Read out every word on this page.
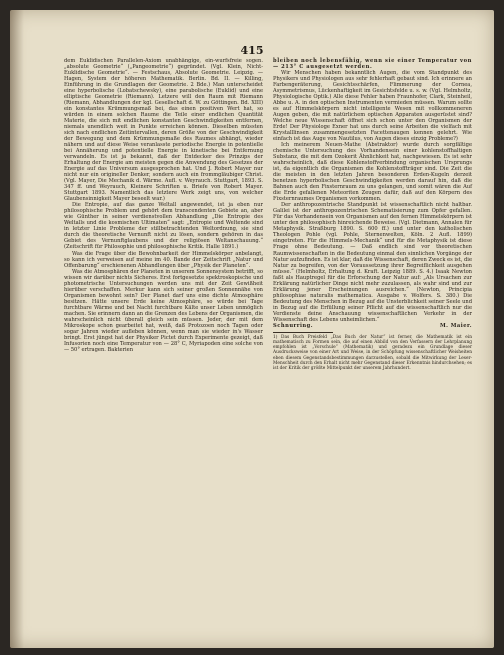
415

dem Euklidischen Parallelen-Axiom unabhängige, ein-wurfsfreie sogen. „absolute Geometrie“ („Pangeometrie“) gegründet. (Vgl. Klein, Nicht-Euklidische Geometrie“. — Festschaus, Absolute Geometrie. Leipzig. — Hagen, System der höheren Mathematik. Berlin. Bd. II. — Killing, Einführung in die Grundlagen der Geometrie. 2 Bde.) Man unterscheidet eine hyperbolische (Lobatschewsky), eine parabolische (Euklid) und eine elliptische Geometrie (Riemann). Letzere will den Raum mit Riemann (Riemann, Abhandlungen der kgl. Gesellschaft d. W. zu Göttingen. Bd. XIII) ein konstantes Krümmungsmaß bei, das einen positiven Wert hat, so würden in einem solchen Raume die Teile einer endlichen Quantität Materie, die sich mit endlichen konstanten Geschwindigkeiten entfernen, niemals unendlich weit in Punkte erreichen können. Dieselben müssten sich nach endlichen Zeitintervallen, deren Größe von der Geschwindigkeit der Bewegung und dem Krümmungsmaße des Raumes abhängt, wieder nähern und auf diese Weise veranlasste periodische Energie in potentielle bei Annäherung und potentielle Energie in kinetische bei Entfernung verwandeln. Es ist ja bekannt, daß der Entdecker des Prinzips der Erhaltung der Energie am meisten gegen die Anwendung des Gesetzes der Energie auf das Universum ausgesprochen hat. Und J. Robert Mayer nur nicht nur ein origineller Denker, sondern auch ein frommgläubiger Christ. (Vgl. Mayer, Die Mechanik d. Wärme. Aufl. v. Weyrauch. Stuttgart, 1893. S. 347 ff. und Weyrauch, Kleinere Schriften u. Briefe von Robert Mayer. Stuttgart 1893. Namentlich das letztere Werk zeigt uns, von welcher Glaubensinnigkeit Mayer beseelt war.)

Die Entropie, auf das ganze Weltall angewendet, ist ja eben nur philosophische Problem und gehört dem transcendenten Gebiete an, aber wie Günther in seiner verdienstvollen Abhandlung „Die Entropie des Weltalls und die kosmischen Ultimaten“ sagt: „Entropie und Weltende sind in letzter Linie Probleme der stillbetrachtenden Weltordnung, sie sind durch die theoretische Vernunft nicht zu lösen, sondern gehören in das Gebiet des Vernunftglaubens und der religiösen Weltanschauung.“ (Zeitschrift für Philosophie und philosophische Kritik. Halle 1891.)

Was die Frage über die Bewohnbarkeit der Himmelskörper anbelangt, so kann ich verweisen auf meine im 40. Bande der Zeitschrift „Natur und Offenbarung“ erschienenen Abhandlungen über „Physik der Planeten“.

Was die Atmosphären der Planeten in unserem Sonnensystem betrifft, so wissen wir darüber nichts Sicheres. Erst fortgesetzte spektroskopische und photometrische Untersuchungen werden uns mit der Zeit Gewißheit hierüber verschaffen. Merkur kann sich seiner großen Sonnennähe von Organismen bewohnt sein? Der Planet darf uns eine dichte Atmosphäre besitzen. Hätte unsere Erde keine Atmosphäre, so würde bei Tage furchtbare Wärme und bei Nacht furchtbare Kälte unser Leben unmöglich machen. Sie erinnern dann an die Grenzen des Lebens der Organismen, die wahrscheinlich nicht überall gleich sein müssen. Jeder, der mit dem Mikroskope schon gearbeitet hat, weiß, daß Protozoen noch Tagen oder sogar Jahren wieder aufleben können, wenn man sie wieder in's Wasser bringt. Erst jüngst hat der Physiker Pictet durch Experimente gezeigt, daß Infusorien noch eine Temperatur von — 28° C, Myriapoden eine solche von — 50° ertragen. Bakterien

bleiben noch lebensfähig, wenn sie einer Temperatur von — 213° C ausgesetzt werden.

Wir Menschen haben bekanntlich Augen, die vom Standpunkt des Physikers und Physiologen aus sehr fehlerhaft gebaut sind. Ich erinnere an Farbengeräterung, Gesichtsschärfen, Flimmerung der Cornea, Asymmetrismus, Lückenhaftigkeit im Gesichtsfelde u. s. w. (Vgl. Helmholtz, Physiologische Optik.) Alle diese Fehler haben Fraunhofer, Clark, Steinheil, Abbe u. A. in den optischen Instrumenten vermieden müssen. Warum sollte es auf Himmelskörpern nicht intelligente Wesen mit vollkommeneren Augen geben, die mit natürlichem optischen Apparaten ausgerüstet sind? Welche neue Wissenschaft öffnet sich schon unter den Organismen der Erde! Der Physiologe Exner hat uns durch seine Arbeiten die vielfach mit Krystalllinsen zusammengesetzten Facettenaugen kennen gelehrt. Wie einfach ist das Auge von Nautilus, von Augen dieses einzig Probleme?)

Ich meinerem Neuen-Mathe (Abstraktor) wurde durch sorgfältige chemische Untersuchung des Vorhandensein einer kohlenstoffhaltigen Substanz, die mit dem Ozokerit Ähnlichkeit hat, nachgewiesen. Es ist sehr wahrscheinlich, daß diese Kohlenstoffverbindung organischen Ursprungs ist, da eigentlich die Organismen die Kohlenstoffträger sind. Die Zeit die die meisten in den letzten Jahren besonderen Erden-Kugeln derzeit benetzen hyperbolischen Geschwindigkeiten werden darauf hin, daß die Bahnen auch den Fixsternraum zu uns gelangen, und somit wären die Auf die Erde gefallenen Meteoriten Zeugen dafür, daß auf den Körpern des Fixsternraumes Organismen vorkommen.

Der anthropozentrische Standpunkt ist wissenschaftlich nicht haltbar. Galilei ist der anthropozentrischen Schematisierung zum Opfer gefallen. Für das Vorhandensein von Organismen auf den fernen Himmelskörpern ist unter den philosophisch hinreichende Beweise. (Vgl. Dietmann, Annalen für Metaphysik. Straßburg 1890. S. 600 ff.) und unter den katholischen Theologen Pohle (vgl. Pohle, Sternenwelten, Köln. 2 Aufl. 1899) eingetreten. Für die Himmels-Mechanik“ und für die Metaphysik ist diese Frage ohne Bedeutung. — Daß endlich sind vor theoretischen Raumwissenschaften in die Bedeutung einmal den sinnlichen Vorgänge der Natur aufzufinden. Es ist klar, daß die Wissenschaft, deren Zweck es ist, die Natur zu begreifen, von der Voraussetzung ihrer Begreiflichkeit ausgehen müsse.“ (Helmholtz, Erhaltung d. Kraft. Leipzig 1889. S. 4.) Isaak Newton faßt als Hauptregel für die Erforschung der Natur auf: „Als Ursachen zur Erklärung natürlicher Dinge nicht mehr zuzulassen, als wahr sind und zur Erklärung jener Erscheinungen ausreichen.“ (Newton, Principia philosophiae naturalis mathematica. Ausgabe v. Wolfers. S. 380.) Die Bedeutung des Menschen in Bezug auf die Unsterblichkeit seiner Seele und in Bezug auf die Erfüllung seiner Pflicht auf die wissenschaftlich nur die Verdienste deine Anschauung wissenschaftlichen Verkehr in der Wissenschaft des Lebens unheimlichen.“

Schnurring.	M. Maier.

1) Das Buch Preisfeld „Das Buch der Natur“ ist ferner, die Mathematik ist ein mathematisch zu Formen sein, die auf einen Abbild von den Verfassern der Lehrplanung empfohlen ist „Vorschule“ (Mathematik) und geradezu ein Grundlage dieser Ausdrucksweise von einer Art und Weise, in der Schöpfung wissenschaftlicher Weisheiten eben diesem Gegenstandsbestimmungen darzustellen, sobald die Mitwirkung der Leser-Menschheit durch den Erhalt nicht mehr Gegenstand dieser Erkenntnis hindurchsehen; es ist der Kritik der größte Mittelpunkt der unserem Jahrhundert.
